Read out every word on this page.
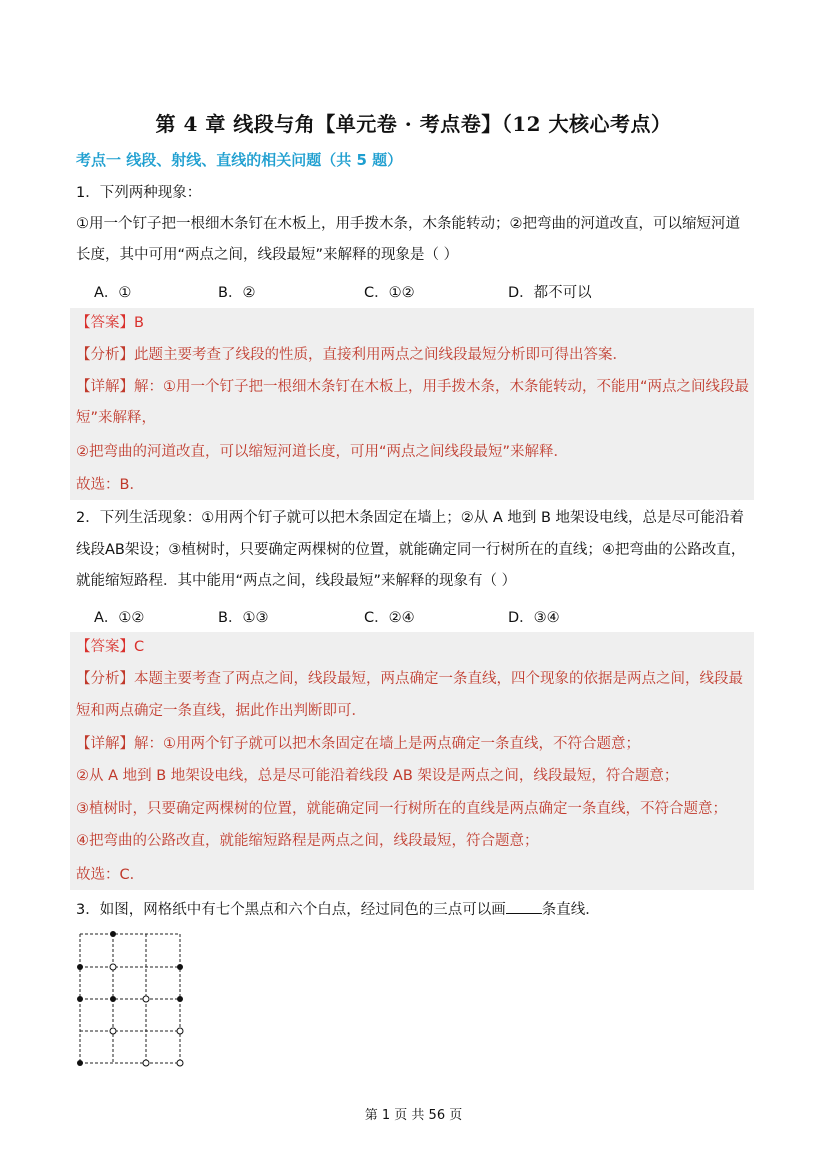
第 4 章 线段与角【单元卷 · 考点卷】（12 大核心考点）
考点一 线段、射线、直线的相关问题（共 5 题）
1．下列两种现象：
①用一个钉子把一根细木条钉在木板上，用手拨木条，木条能转动；②把弯曲的河道改直，可以缩短河道
长度，其中可用“两点之间，线段最短”来解释的现象是（ ）
A．①	B．②	C．①②	D．都不可以
【答案】B
【分析】此题主要考查了线段的性质，直接利用两点之间线段最短分析即可得出答案．
【详解】解：①用一个钉子把一根细木条钉在木板上，用手拨木条，木条能转动，不能用“两点之间线段最
短”来解释，
②把弯曲的河道改直，可以缩短河道长度，可用“两点之间线段最短”来解释．
故选：B．
2．下列生活现象：①用两个钉子就可以把木条固定在墙上；②从 A 地到 B 地架设电线，总是尽可能沿着
线段AB架设；③植树时，只要确定两棵树的位置，就能确定同一行树所在的直线；④把弯曲的公路改直，
就能缩短路程．其中能用“两点之间，线段最短”来解释的现象有（ ）
A．①②	B．①③	C．②④	D．③④
【答案】C
【分析】本题主要考查了两点之间，线段最短，两点确定一条直线，四个现象的依据是两点之间，线段最
短和两点确定一条直线，据此作出判断即可．
【详解】解：①用两个钉子就可以把木条固定在墙上是两点确定一条直线，不符合题意；
②从 A 地到 B 地架设电线，总是尽可能沿着线段 AB 架设是两点之间，线段最短，符合题意；
③植树时，只要确定两棵树的位置，就能确定同一行树所在的直线是两点确定一条直线，不符合题意；
④把弯曲的公路改直，就能缩短路程是两点之间，线段最短，符合题意；
故选：C．
3．如图，网格纸中有七个黑点和六个白点，经过同色的三点可以画 条直线．
第 1 页 共 56 页
